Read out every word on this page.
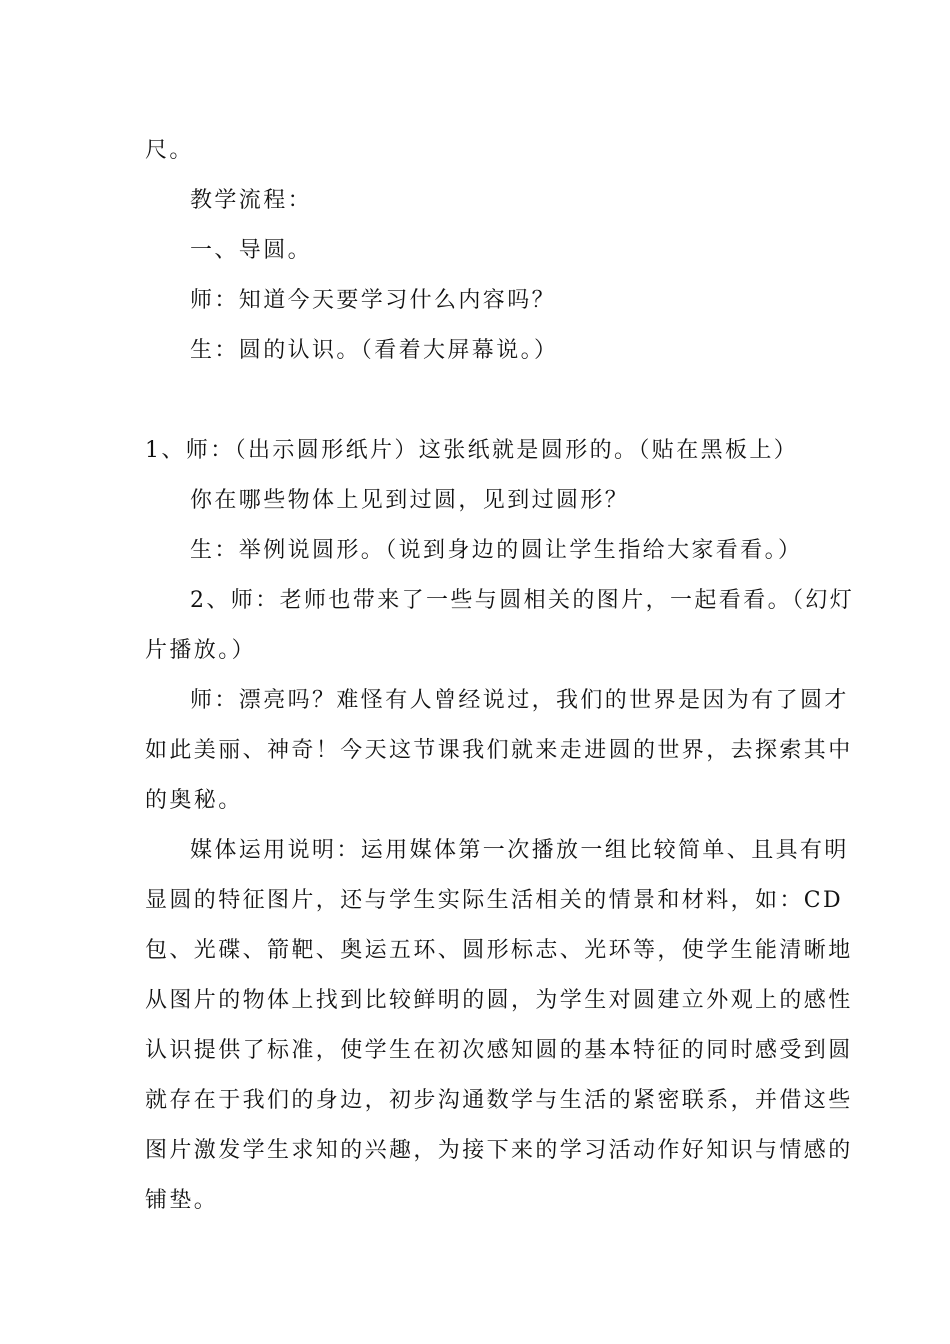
尺。
教学流程：
一、导圆。
师：知道今天要学习什么内容吗？
生：圆的认识。（看着大屏幕说。）
1、师：（出示圆形纸片）这张纸就是圆形的。（贴在黑板上）
你在哪些物体上见到过圆，见到过圆形？
生：举例说圆形。（说到身边的圆让学生指给大家看看。）
2、师：老师也带来了一些与圆相关的图片，一起看看。（幻灯
片播放。）
师：漂亮吗？难怪有人曾经说过，我们的世界是因为有了圆才
如此美丽、神奇！今天这节课我们就来走进圆的世界，去探索其中
的奥秘。
媒体运用说明：运用媒体第一次播放一组比较简单、且具有明
显圆的特征图片，还与学生实际生活相关的情景和材料，如：CD
包、光碟、箭靶、奥运五环、圆形标志、光环等，使学生能清晰地
从图片的物体上找到比较鲜明的圆，为学生对圆建立外观上的感性
认识提供了标准，使学生在初次感知圆的基本特征的同时感受到圆
就存在于我们的身边，初步沟通数学与生活的紧密联系，并借这些
图片激发学生求知的兴趣，为接下来的学习活动作好知识与情感的
铺垫。
